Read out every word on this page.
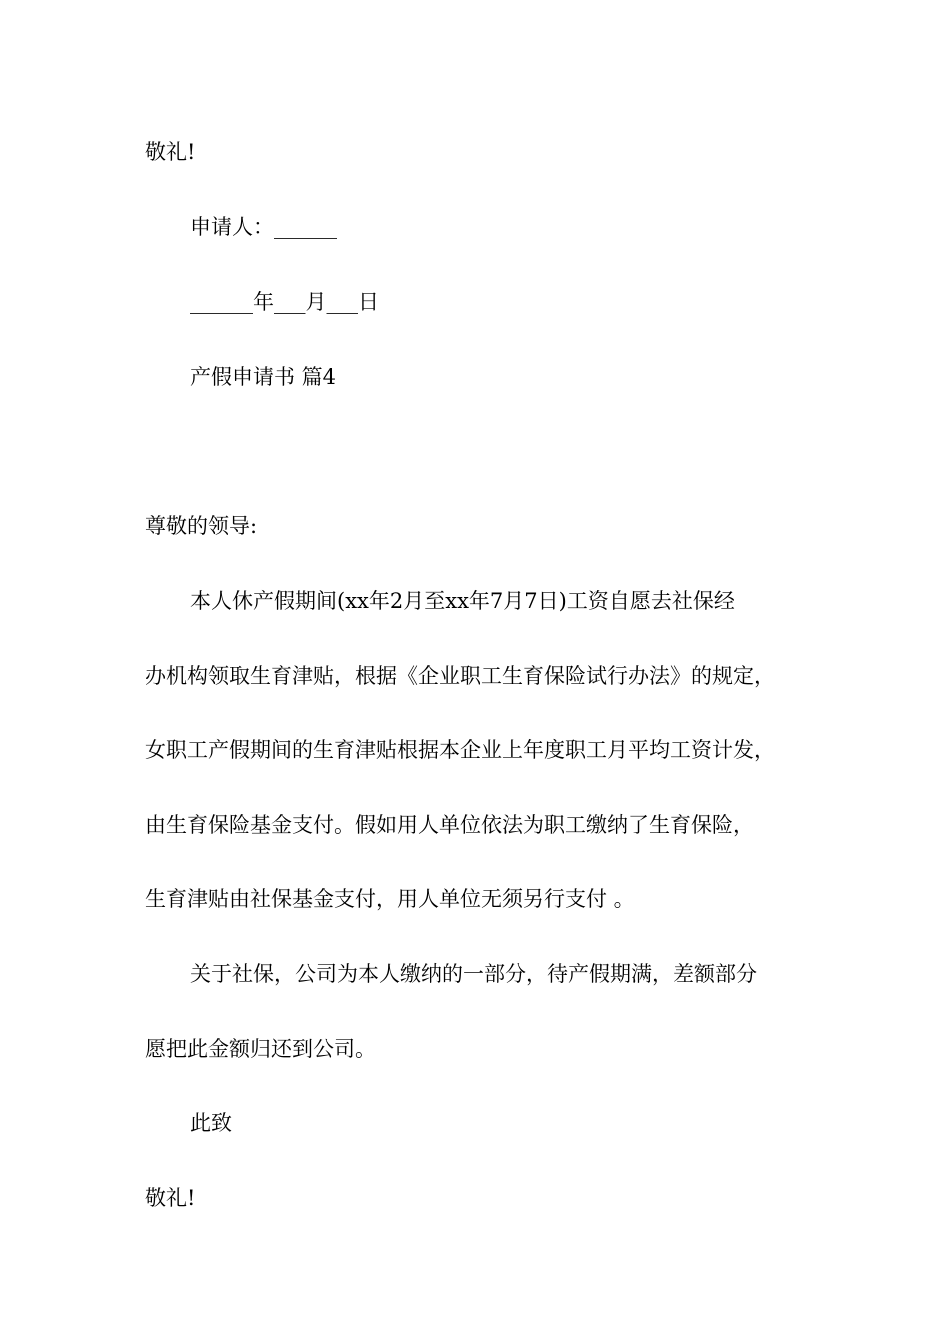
敬礼!
申请人：______
______年___月___日
产假申请书 篇4
尊敬的领导:
本人休产假期间(xx年2月至xx年7月7日)工资自愿去社保经
办机构领取生育津贴，根据《企业职工生育保险试行办法》的规定，
女职工产假期间的生育津贴根据本企业上年度职工月平均工资计发，
由生育保险基金支付。假如用人单位依法为职工缴纳了生育保险，
生育津贴由社保基金支付，用人单位无须另行支付 。
关于社保，公司为本人缴纳的一部分，待产假期满，差额部分
愿把此金额归还到公司。
此致
敬礼!
